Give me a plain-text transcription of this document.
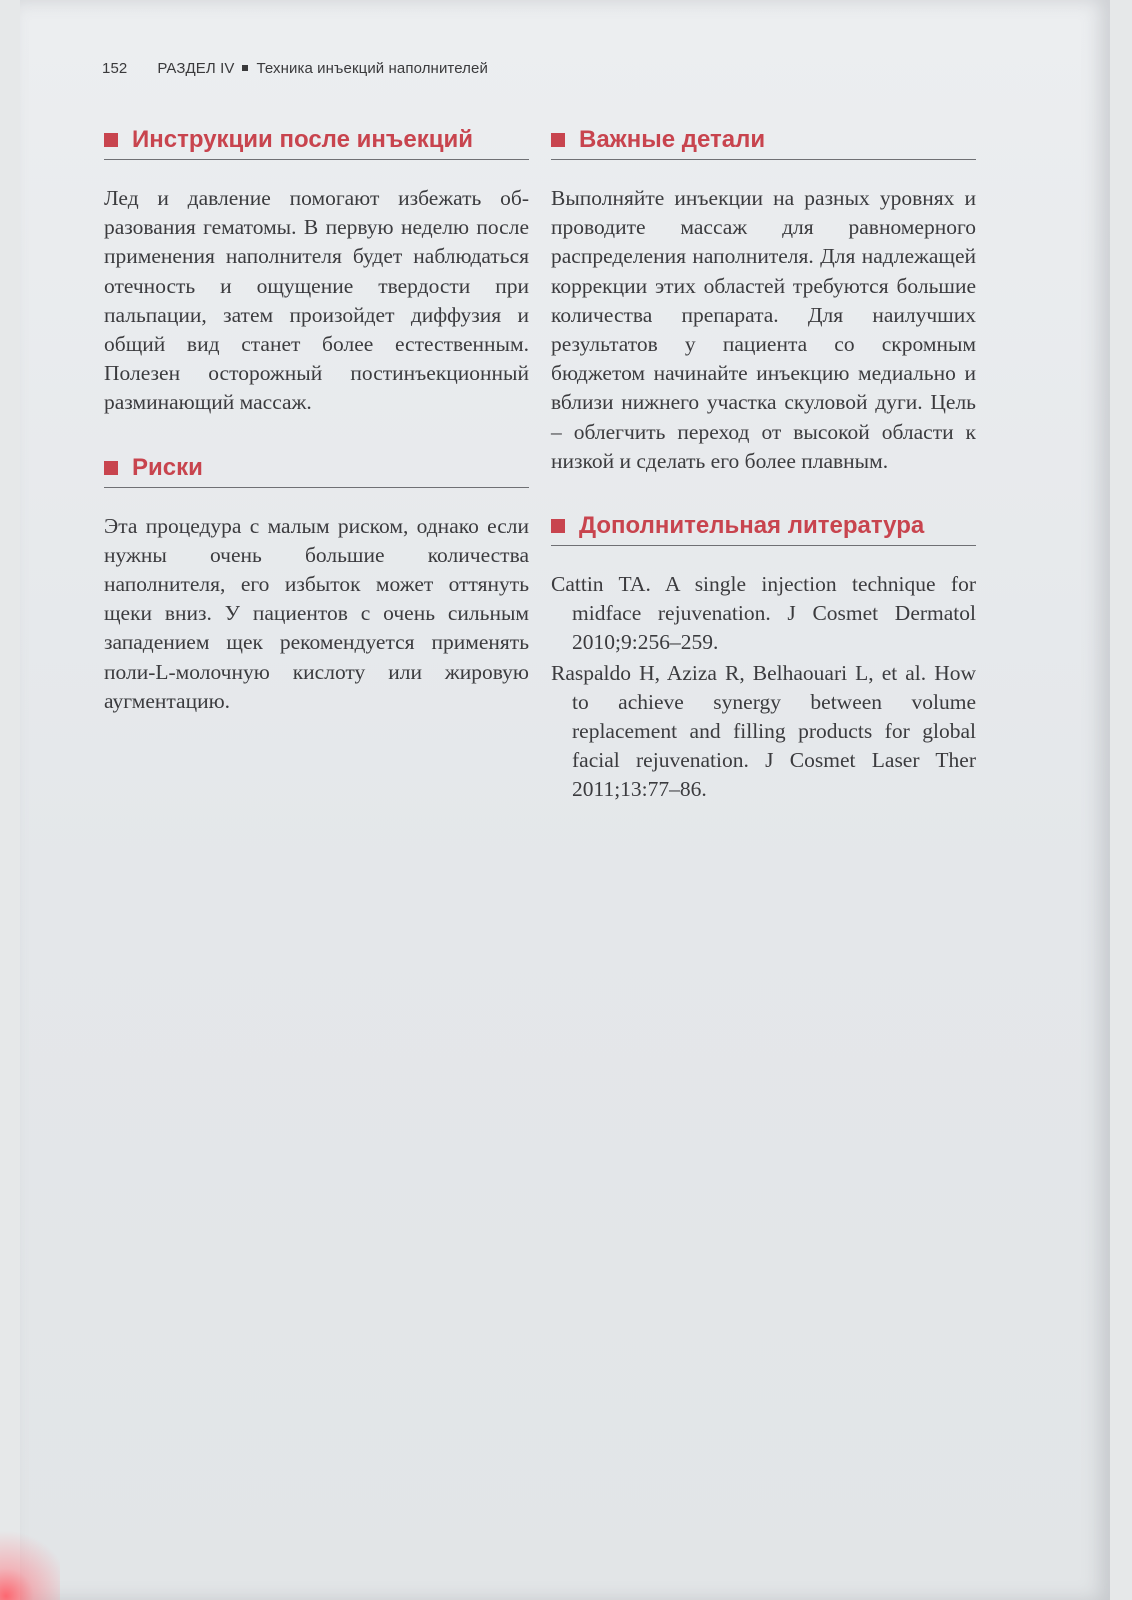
152 РАЗДЕЛ IV Техника инъекций наполнителей
Инструкции после инъекций

Лед и давление помогают избежать образования гематомы. В первую неделю после применения наполнителя будет наблюдаться отечность и ощущение твердости при пальпации, затем произойдет диффузия и общий вид станет более естественным. Полезен осторожный постинъекционный разминающий массаж.

Риски

Эта процедура с малым риском, однако если нужны очень большие количества наполнителя, его избыток может оттянуть щеки вниз. У пациентов с очень сильным западением щек рекомендуется применять поли-L-молочную кислоту или жировую аугментацию.

Важные детали

Выполняйте инъекции на разных уровнях и проводите массаж для равномерного распределения наполнителя. Для надлежащей коррекции этих областей требуются большие количества препарата. Для наилучших результатов у пациента со скромным бюджетом начинайте инъекцию медиально и вблизи нижнего участка скуловой дуги. Цель – облегчить переход от высокой области к низкой и сделать его более плавным.

Дополнительная литература
Cattin TA. A single injection technique for midface rejuvenation. J Cosmet Dermatol 2010;9:256–259.
Raspaldo H, Aziza R, Belhaouari L, et al. How to achieve synergy between volume replacement and filling products for global facial rejuvenation. J Cosmet Laser Ther 2011;13:77–86.
